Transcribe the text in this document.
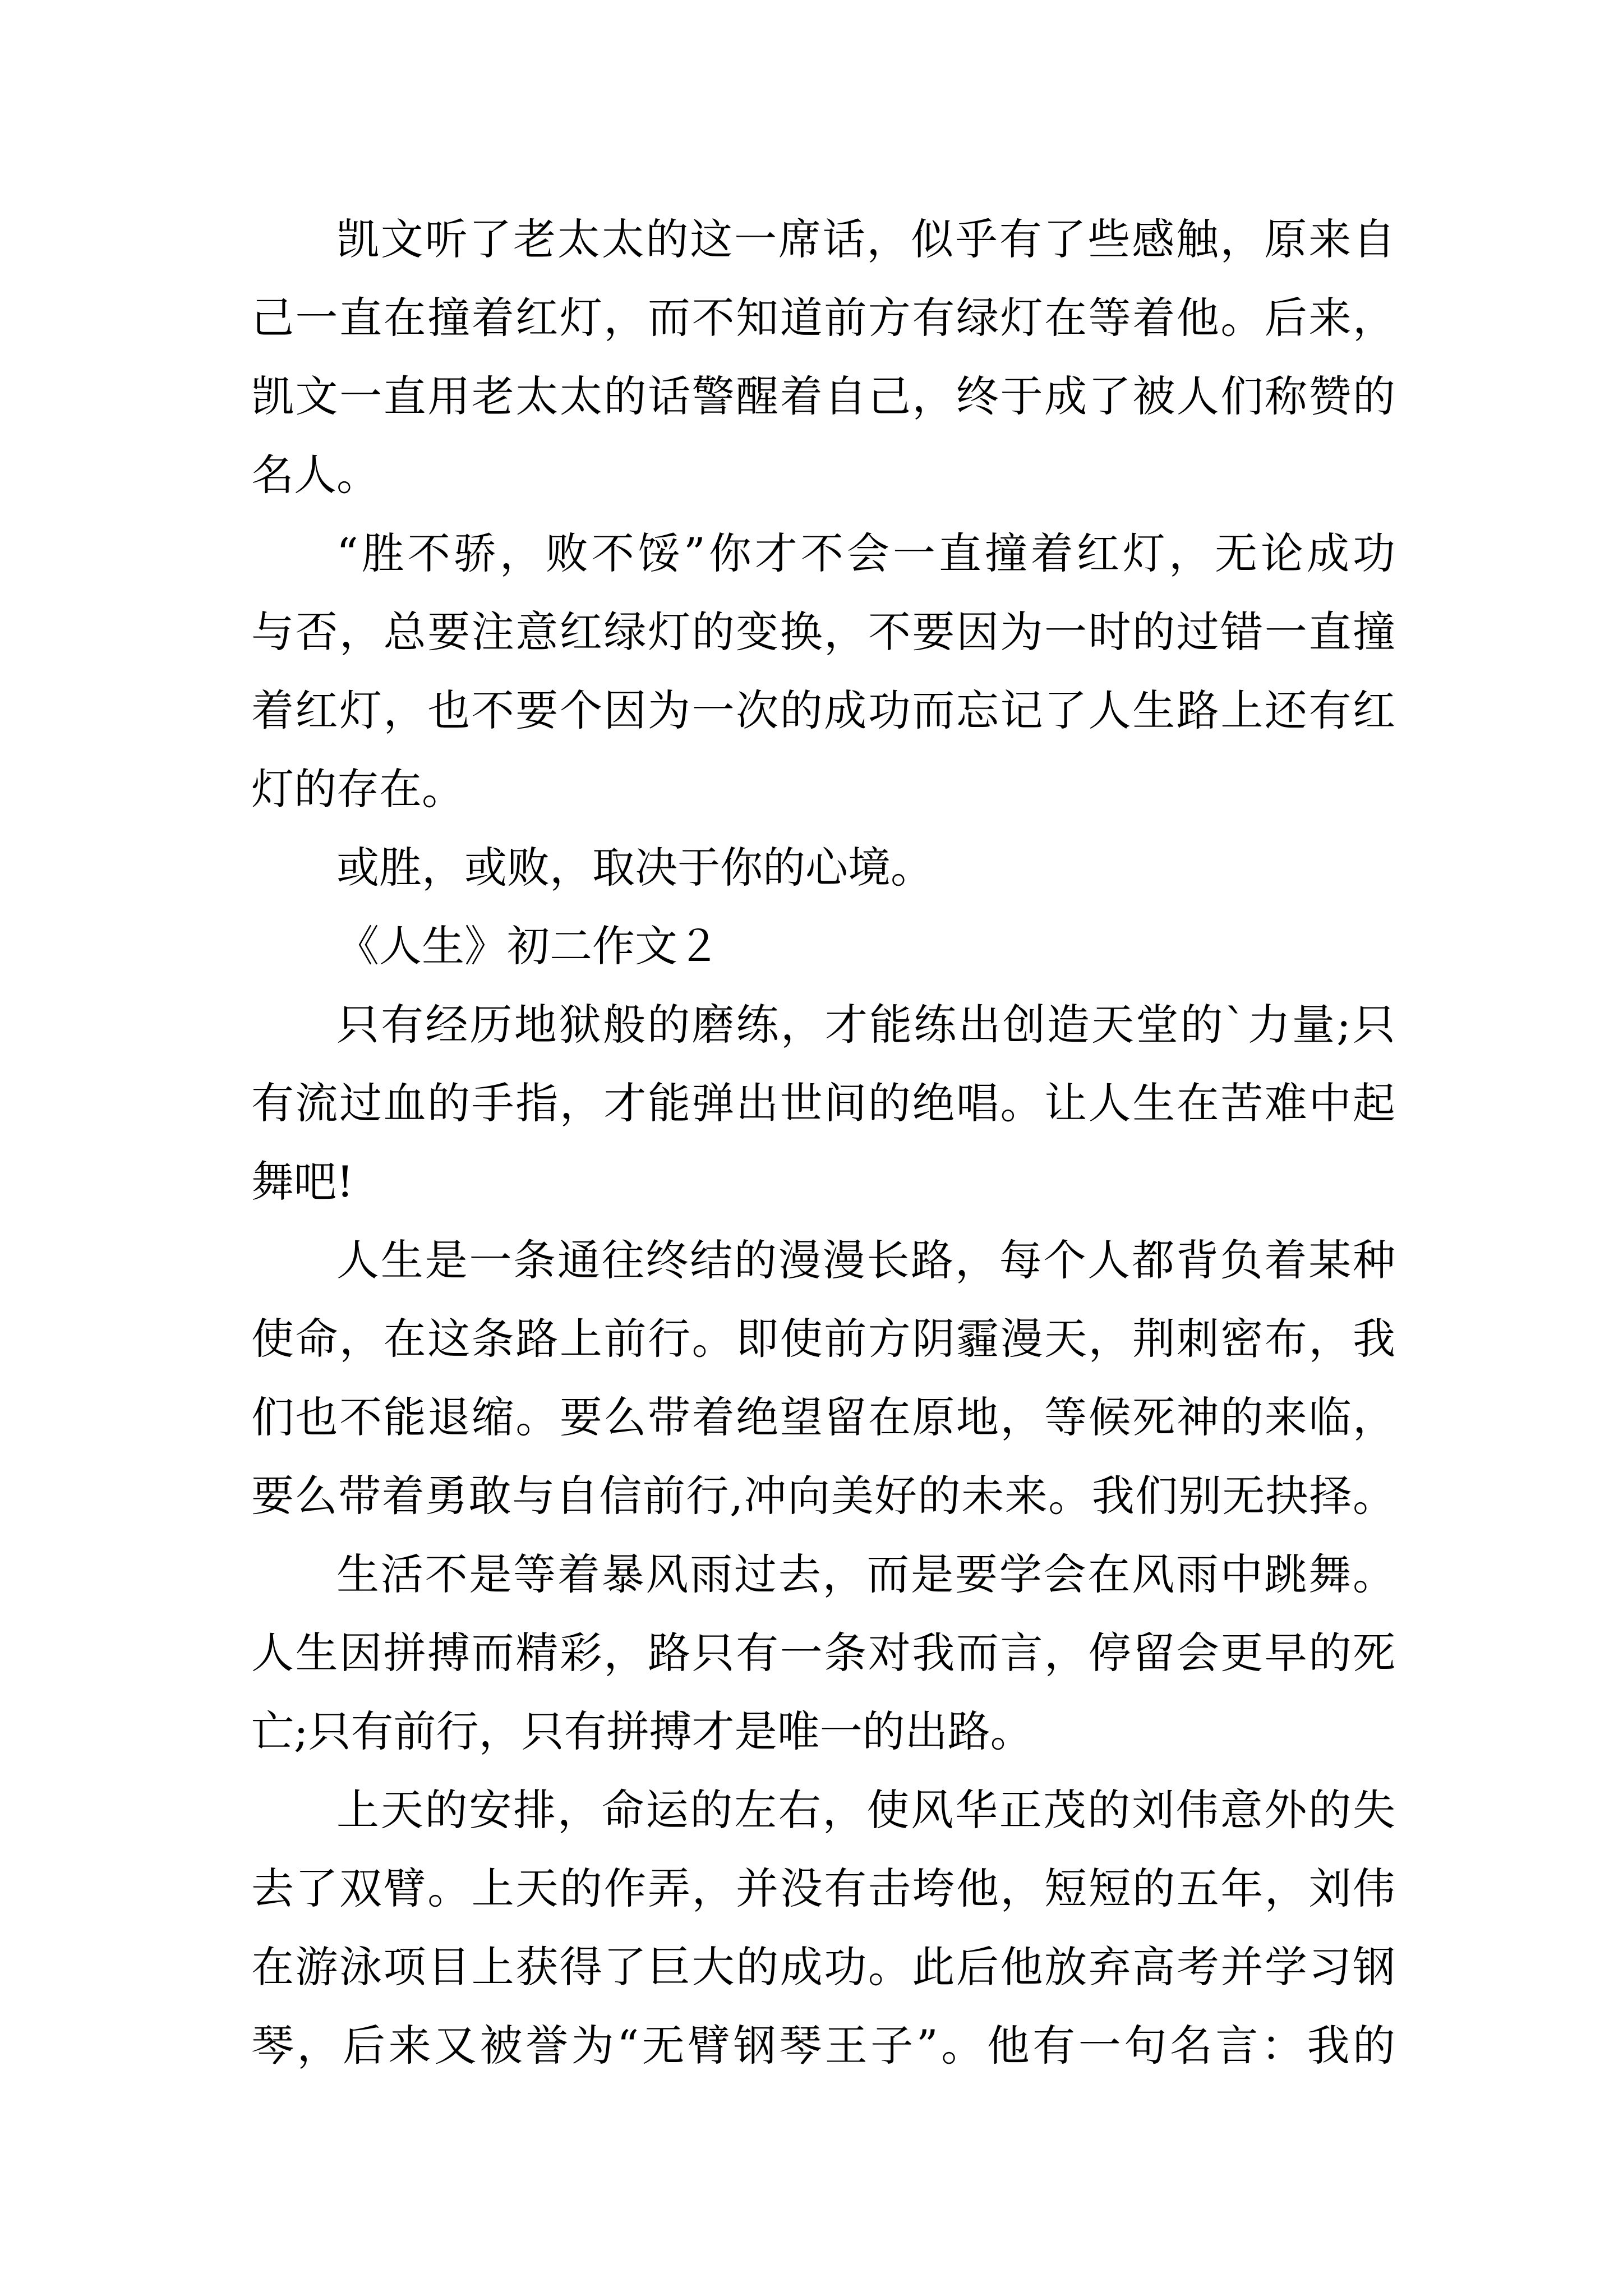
凯文听了老太太的这一席话，似乎有了些感触，原来自
己一直在撞着红灯，而不知道前方有绿灯在等着他。后来，
凯文一直用老太太的话警醒着自己，终于成了被人们称赞的
名人。
“胜不骄，败不馁”你才不会一直撞着红灯，无论成功
与否，总要注意红绿灯的变换，不要因为一时的过错一直撞
着红灯，也不要个因为一次的成功而忘记了人生路上还有红
灯的存在。
或胜，或败，取决于你的心境。
《人生》初二作文２
只有经历地狱般的磨练，才能练出创造天堂的`力量;只
有流过血的手指，才能弹出世间的绝唱。让人生在苦难中起
舞吧!
人生是一条通往终结的漫漫长路，每个人都背负着某种
使命，在这条路上前行。即使前方阴霾漫天，荆刺密布，我
们也不能退缩。要么带着绝望留在原地，等候死神的来临，
要么带着勇敢与自信前行,冲向美好的未来。我们别无抉择。
生活不是等着暴风雨过去，而是要学会在风雨中跳舞。
人生因拼搏而精彩，路只有一条对我而言，停留会更早的死
亡;只有前行，只有拼搏才是唯一的出路。
上天的安排，命运的左右，使风华正茂的刘伟意外的失
去了双臂。上天的作弄，并没有击垮他，短短的五年，刘伟
在游泳项目上获得了巨大的成功。此后他放弃高考并学习钢
琴，后来又被誉为“无臂钢琴王子”。他有一句名言：我的
